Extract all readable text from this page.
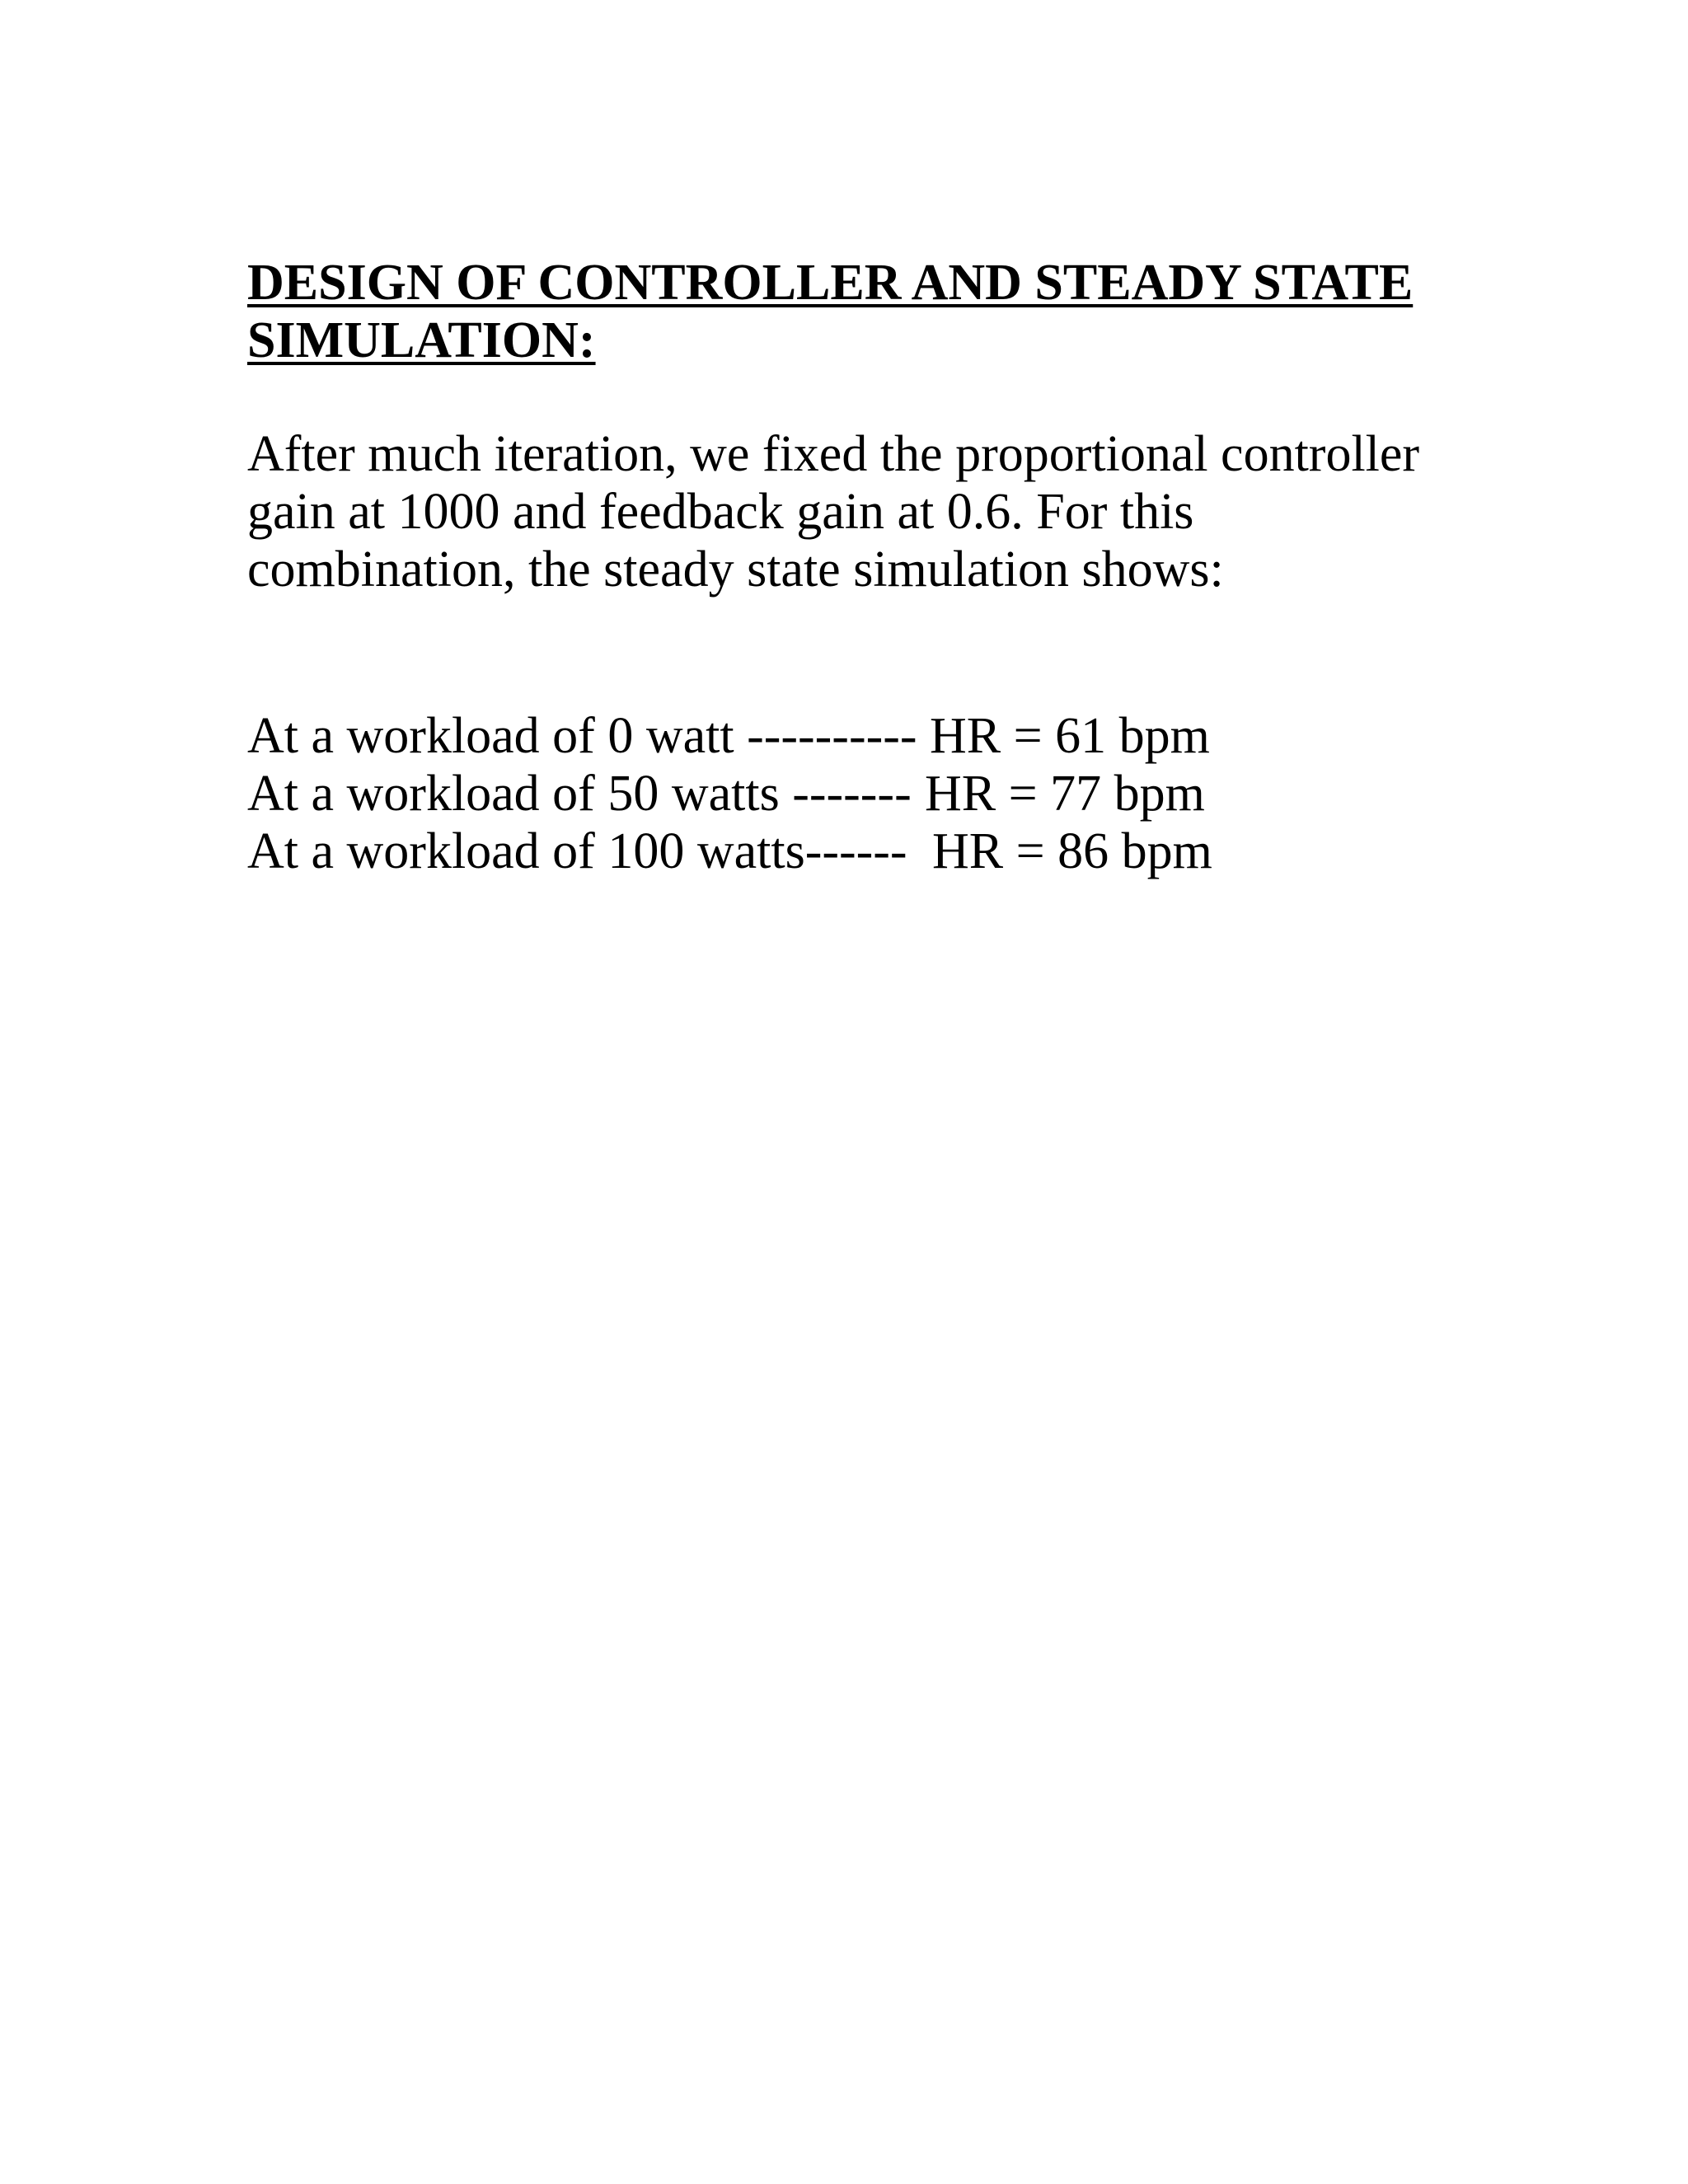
DESIGN OF CONTROLLER AND STEADY STATE
SIMULATION:

After much iteration, we fixed the proportional controller
gain at 1000 and feedback gain at 0.6. For this
combination, the steady state simulation shows:

At a workload of 0 watt ---------- HR = 61 bpm
At a workload of 50 watts ------- HR = 77 bpm
At a workload of 100 watts------ HR = 86 bpm
